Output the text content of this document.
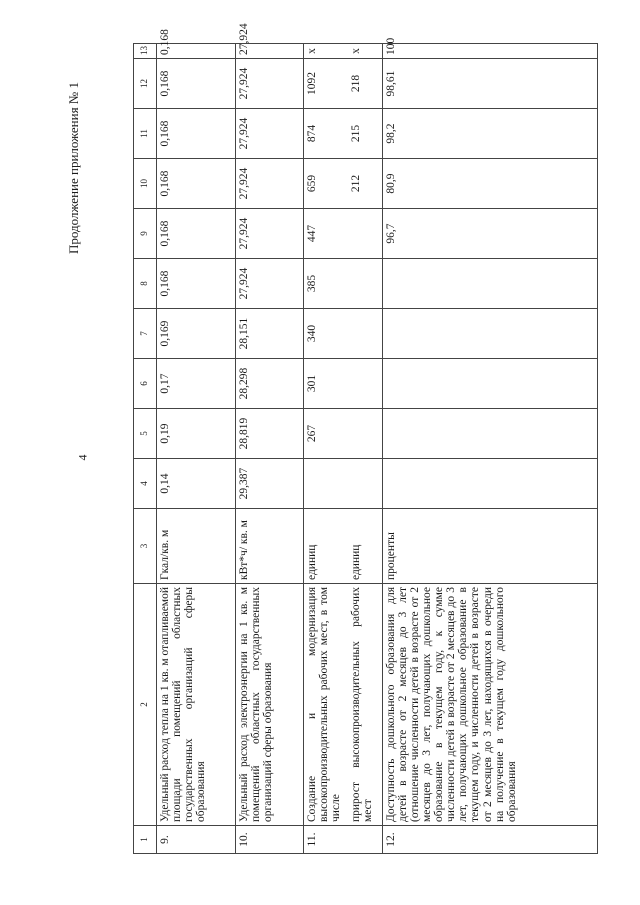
Продолжение приложения № 1
4
1	2	3	4	5	6	7	8	9	10	11	12	13
9.	Удельный расход тепла на 1 кв. м отапливаемой площади помещений областных государственных организаций сферы образования	Гкал/кв. м	0,14	0,19	0,17	0,169	0,168	0,168	0,168	0,168	0,168	0,168
10.	Удельный расход электроэнергии на 1 кв. м помещений областных государственных организаций сферы образования	кВт*ч/ кв. м	29,387	28,819	28,298	28,151	27,924	27,924	27,924	27,924	27,924	27,924
11.	Создание и модернизация высокопроизводительных рабочих мест, в том числе	единиц		267	301	340	385	447	659	874	1092	x
	прирост высокопроизводительных рабочих мест	единиц							212	215	218	x
12.	Доступность дошкольного образования для детей в возрасте от 2 месяцев до 3 лет (отношение численности детей в возрасте от 2 месяцев до 3 лет, получающих дошкольное образование в текущем году, к сумме численности детей в возрасте от 2 месяцев до 3 лет, получающих дошкольное образование в текущем году, и численности детей в возрасте от 2 месяцев до 3 лет, находящихся в очереди на получение в текущем году дошкольного образования	проценты						96,7	80,9	98,2	98,61	100
